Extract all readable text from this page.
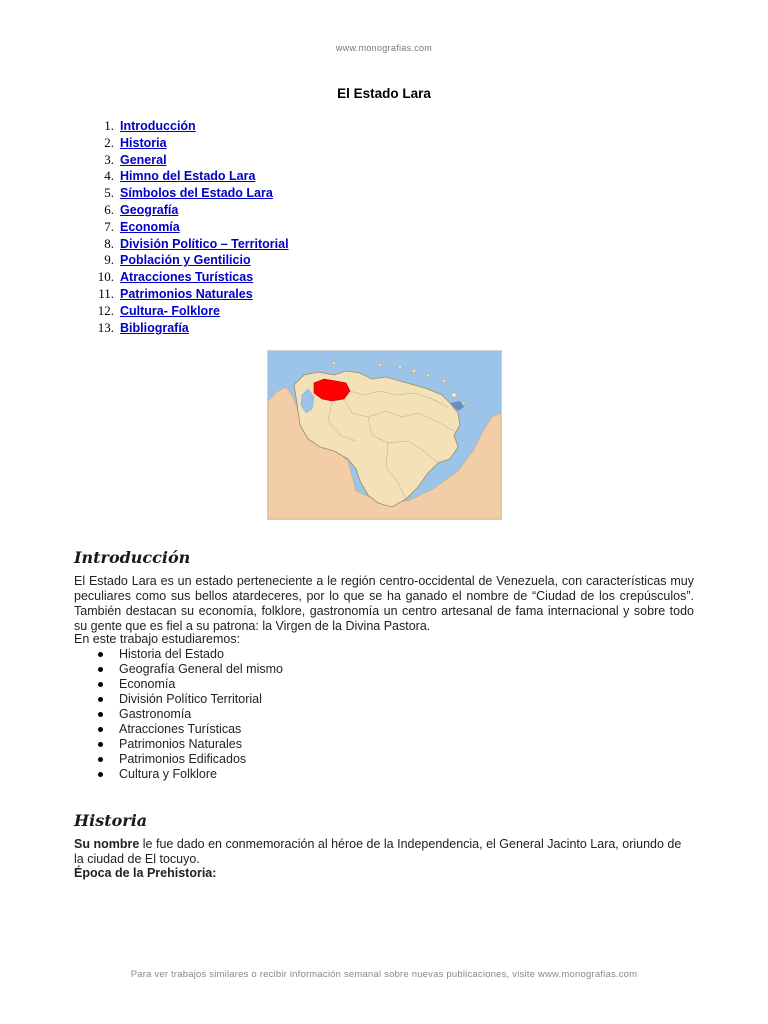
www.monografias.com
El Estado Lara
1. Introducción
2. Historia
3. General
4. Himno del Estado Lara
5. Símbolos del Estado Lara
6. Geografía
7. Economía
8. División Político – Territorial
9. Población y Gentilicio
10. Atracciones Turísticas
11. Patrimonios Naturales
12. Cultura- Folklore
13. Bibliografía
Introducción

El Estado Lara es un estado perteneciente a le región centro-occidental de Venezuela, con características muy peculiares como sus bellos atardeceres, por lo que se ha ganado el nombre de “Ciudad de los crepúsculos”. También destacan su economía, folklore, gastronomía un centro artesanal de fama internacional y sobre todo su gente que es fiel a su patrona: la Virgen de la Divina Pastora.

En este trabajo estudiaremos:

Historia del Estado
Geografía General del mismo
Economía
División Político Territorial
Gastronomía
Atracciones Turísticas
Patrimonios Naturales
Patrimonios Edificados
Cultura y Folklore
Historia

Su nombre le fue dado en conmemoración al héroe de la Independencia, el General Jacinto Lara, oriundo de la ciudad de El tocuyo.

Época de la Prehistoria:

Para ver trabajos similares o recibir información semanal sobre nuevas publicaciones, visite www.monografias.com
